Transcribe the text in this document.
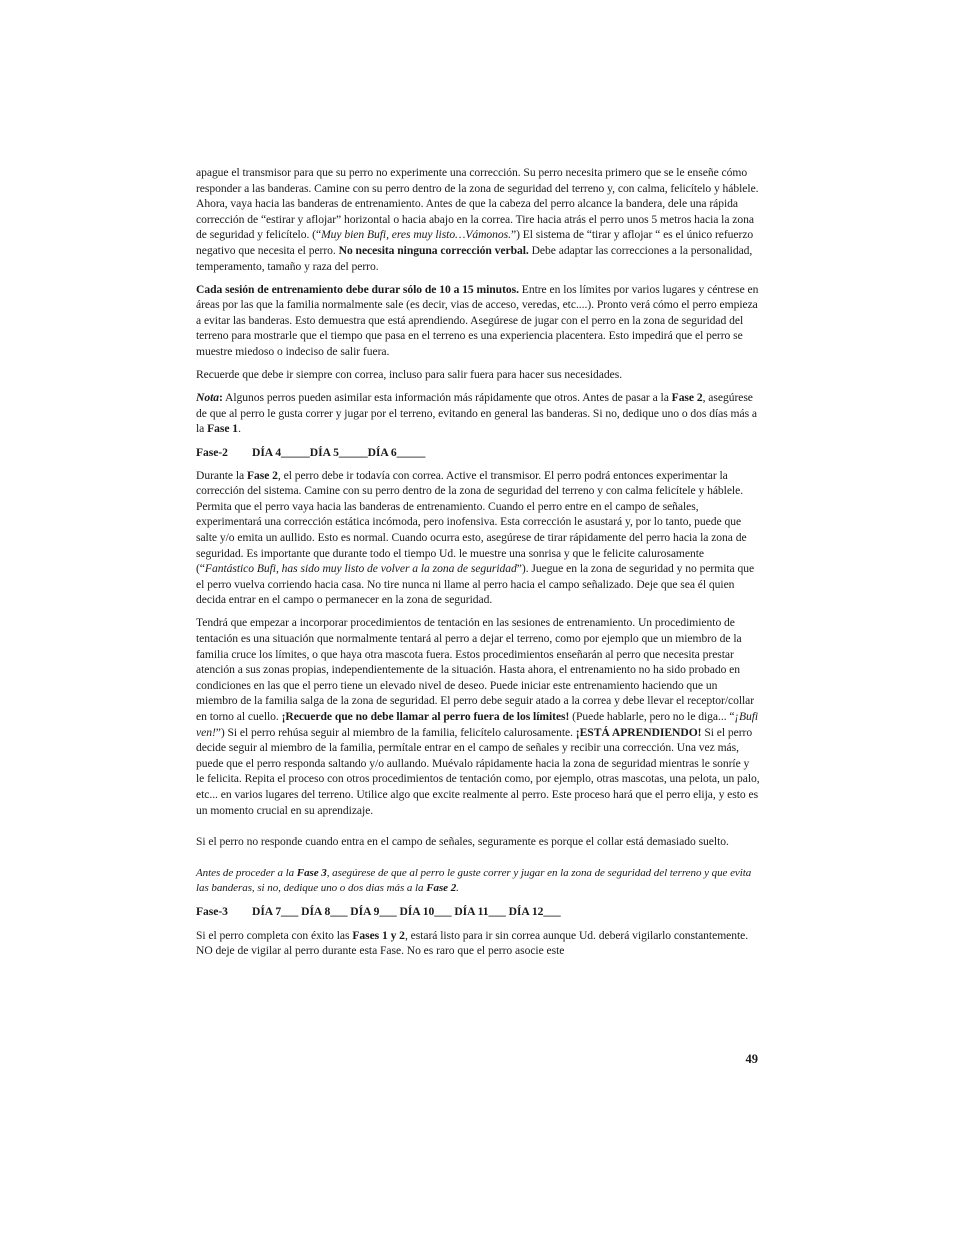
apague el transmisor para que su perro no experimente una corrección. Su perro necesita primero que se le enseñe cómo responder a las banderas. Camine con su perro dentro de la zona de seguridad del terreno y, con calma, felicítelo y háblele. Ahora, vaya hacia las banderas de entrenamiento. Antes de que la cabeza del perro alcance la bandera, dele una rápida corrección de “estirar y aflojar” horizontal o hacia abajo en la correa. Tire hacia atrás el perro unos 5 metros hacia la zona de seguridad y felicítelo. (“Muy bien Bufi, eres muy listo…Vámonos.”) El sistema de “tirar y aflojar “ es el único refuerzo negativo que necesita el perro. No necesita ninguna corrección verbal. Debe adaptar las correcciones a la personalidad, temperamento, tamaño y raza del perro.

Cada sesión de entrenamiento debe durar sólo de 10 a 15 minutos. Entre en los límites por varios lugares y céntrese en áreas por las que la familia normalmente sale (es decir, vias de acceso, veredas, etc....). Pronto verá cómo el perro empieza a evitar las banderas. Esto demuestra que está aprendiendo. Asegúrese de jugar con el perro en la zona de seguridad del terreno para mostrarle que el tiempo que pasa en el terreno es una experiencia placentera. Esto impedirá que el perro se muestre miedoso o indeciso de salir fuera.

Recuerde que debe ir siempre con correa, incluso para salir fuera para hacer sus necesidades.

Nota: Algunos perros pueden asimilar esta información más rápidamente que otros. Antes de pasar a la Fase 2, asegúrese de que al perro le gusta correr y jugar por el terreno, evitando en general las banderas. Si no, dedique uno o dos días más a la Fase 1.

Fase-2 DÍA 4_____DÍA 5_____DÍA 6_____

Durante la Fase 2, el perro debe ir todavía con correa. Active el transmisor. El perro podrá entonces experimentar la corrección del sistema. Camine con su perro dentro de la zona de seguridad del terreno y con calma felicítele y háblele. Permita que el perro vaya hacia las banderas de entrenamiento. Cuando el perro entre en el campo de señales, experimentará una corrección estática incómoda, pero inofensiva. Esta corrección le asustará y, por lo tanto, puede que salte y/o emita un aullido. Esto es normal. Cuando ocurra esto, asegúrese de tirar rápidamente del perro hacia la zona de seguridad. Es importante que durante todo el tiempo Ud. le muestre una sonrisa y que le felicite calurosamente (“Fantástico Bufi, has sido muy listo de volver a la zona de seguridad”). Juegue en la zona de seguridad y no permita que el perro vuelva corriendo hacia casa. No tire nunca ni llame al perro hacia el campo señalizado. Deje que sea él quien decida entrar en el campo o permanecer en la zona de seguridad.

Tendrá que empezar a incorporar procedimientos de tentación en las sesiones de entrenamiento. Un procedimiento de tentación es una situación que normalmente tentará al perro a dejar el terreno, como por ejemplo que un miembro de la familia cruce los límites, o que haya otra mascota fuera. Estos procedimientos enseñarán al perro que necesita prestar atención a sus zonas propias, independientemente de la situación. Hasta ahora, el entrenamiento no ha sido probado en condiciones en las que el perro tiene un elevado nivel de deseo. Puede iniciar este entrenamiento haciendo que un miembro de la familia salga de la zona de seguridad. El perro debe seguir atado a la correa y debe llevar el receptor/collar en torno al cuello. ¡Recuerde que no debe llamar al perro fuera de los límites! (Puede hablarle, pero no le diga... “¡Bufi ven!”) Si el perro rehúsa seguir al miembro de la familia, felicítelo calurosamente. ¡ESTÁ APRENDIENDO! Si el perro decide seguir al miembro de la familia, permítale entrar en el campo de señales y recibir una corrección. Una vez más, puede que el perro responda saltando y/o aullando. Muévalo rápidamente hacia la zona de seguridad mientras le sonríe y le felicita. Repita el proceso con otros procedimientos de tentación como, por ejemplo, otras mascotas, una pelota, un palo, etc... en varios lugares del terreno. Utilice algo que excite realmente al perro. Este proceso hará que el perro elija, y esto es un momento crucial en su aprendizaje.

Si el perro no responde cuando entra en el campo de señales, seguramente es porque el collar está demasiado suelto.

Antes de proceder a la Fase 3, asegúrese de que al perro le guste correr y jugar en la zona de seguridad del terreno y que evita las banderas, si no, dedique uno o dos dias más a la Fase 2.

Fase-3 DÍA 7___ DÍA 8___ DÍA 9___ DÍA 10___ DÍA 11___ DÍA 12___

Si el perro completa con éxito las Fases 1 y 2, estará listo para ir sin correa aunque Ud. deberá vigilarlo constantemente. NO deje de vigilar al perro durante esta Fase. No es raro que el perro asocie este

49
